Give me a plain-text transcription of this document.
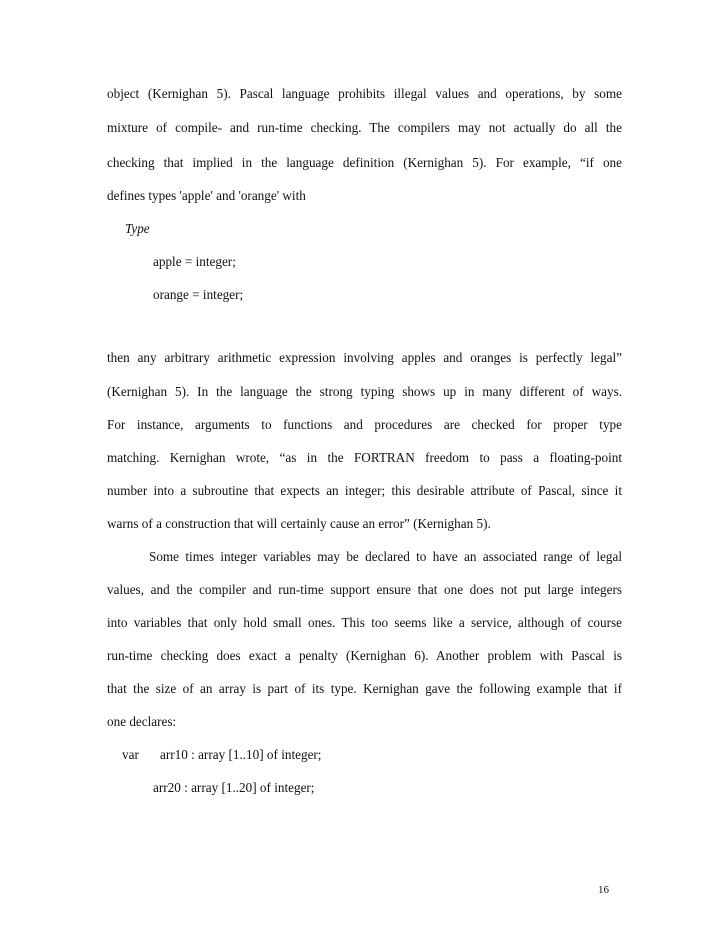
object (Kernighan 5). Pascal language prohibits illegal values and operations, by some
mixture of compile- and run-time checking. The compilers may not actually do all the
checking that implied in the language definition (Kernighan 5). For example, “if one
defines types 'apple' and 'orange' with
Type
apple = integer;
orange = integer;
then any arbitrary arithmetic expression involving apples and oranges is perfectly legal”
(Kernighan 5). In the language the strong typing shows up in many different of ways.
For instance, arguments to functions and procedures are checked for proper type
matching. Kernighan wrote, “as in the FORTRAN freedom to pass a floating-point
number into a subroutine that expects an integer; this desirable attribute of Pascal, since it
warns of a construction that will certainly cause an error” (Kernighan 5).
Some times integer variables may be declared to have an associated range of legal
values, and the compiler and run-time support ensure that one does not put large integers
into variables that only hold small ones. This too seems like a service, although of course
run-time checking does exact a penalty (Kernighan 6). Another problem with Pascal is
that the size of an array is part of its type. Kernighan gave the following example that if
one declares:
var arr10 : array [1..10] of integer;
arr20 : array [1..20] of integer;
16
